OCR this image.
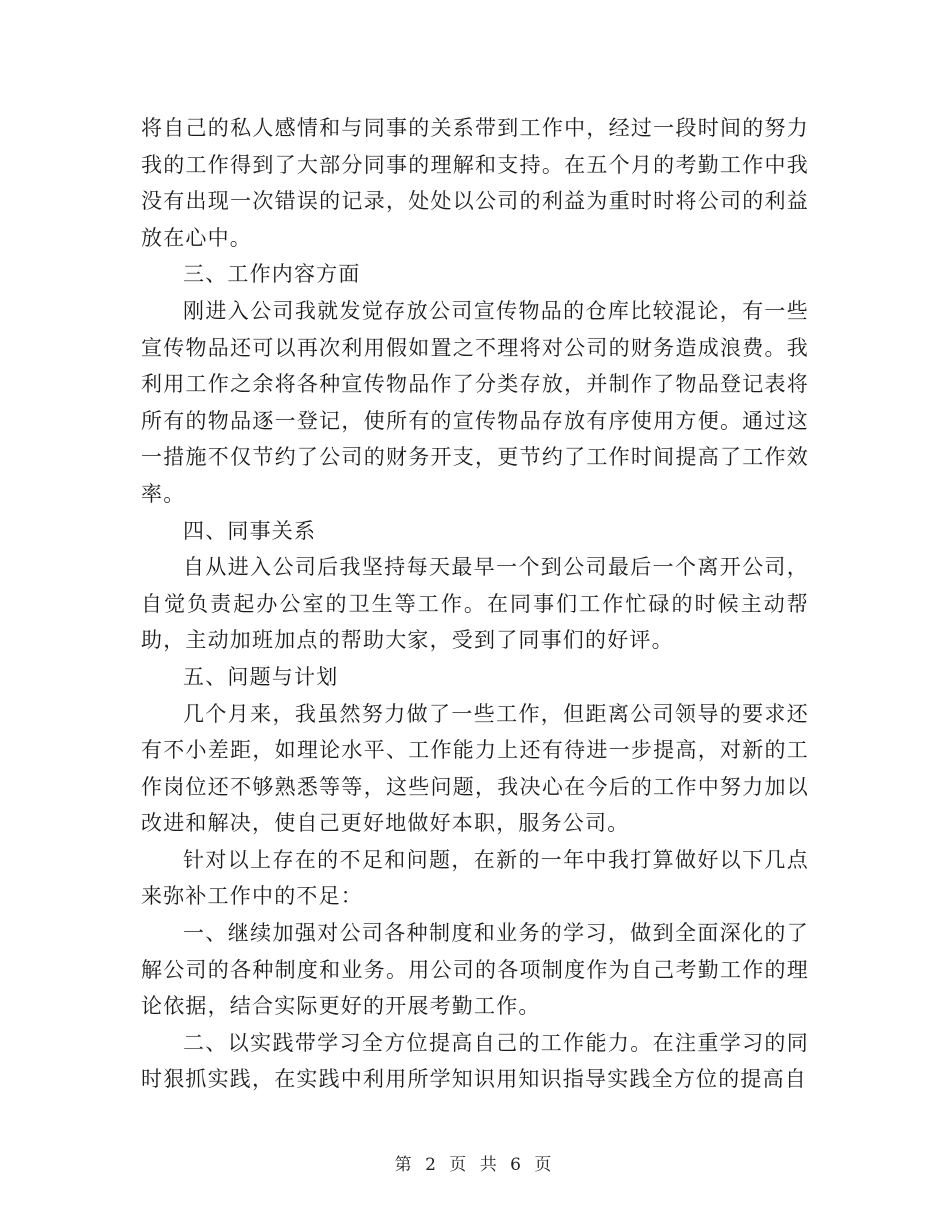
将自己的私人感情和与同事的关系带到工作中，经过一段时间的努力我的工作得到了大部分同事的理解和支持。在五个月的考勤工作中我没有出现一次错误的记录，处处以公司的利益为重时时将公司的利益放在心中。

三、工作内容方面

刚进入公司我就发觉存放公司宣传物品的仓库比较混论，有一些宣传物品还可以再次利用假如置之不理将对公司的财务造成浪费。我利用工作之余将各种宣传物品作了分类存放，并制作了物品登记表将所有的物品逐一登记，使所有的宣传物品存放有序使用方便。通过这一措施不仅节约了公司的财务开支，更节约了工作时间提高了工作效率。

四、同事关系

自从进入公司后我坚持每天最早一个到公司最后一个离开公司，自觉负责起办公室的卫生等工作。在同事们工作忙碌的时候主动帮助，主动加班加点的帮助大家，受到了同事们的好评。

五、问题与计划

几个月来，我虽然努力做了一些工作，但距离公司领导的要求还有不小差距，如理论水平、工作能力上还有待进一步提高，对新的工作岗位还不够熟悉等等，这些问题，我决心在今后的工作中努力加以改进和解决，使自己更好地做好本职，服务公司。

针对以上存在的不足和问题，在新的一年中我打算做好以下几点来弥补工作中的不足：

一、继续加强对公司各种制度和业务的学习，做到全面深化的了解公司的各种制度和业务。用公司的各项制度作为自己考勤工作的理论依据，结合实际更好的开展考勤工作。

二、以实践带学习全方位提高自己的工作能力。在注重学习的同时狠抓实践，在实践中利用所学知识用知识指导实践全方位的提高自

第 2 页 共 6 页
